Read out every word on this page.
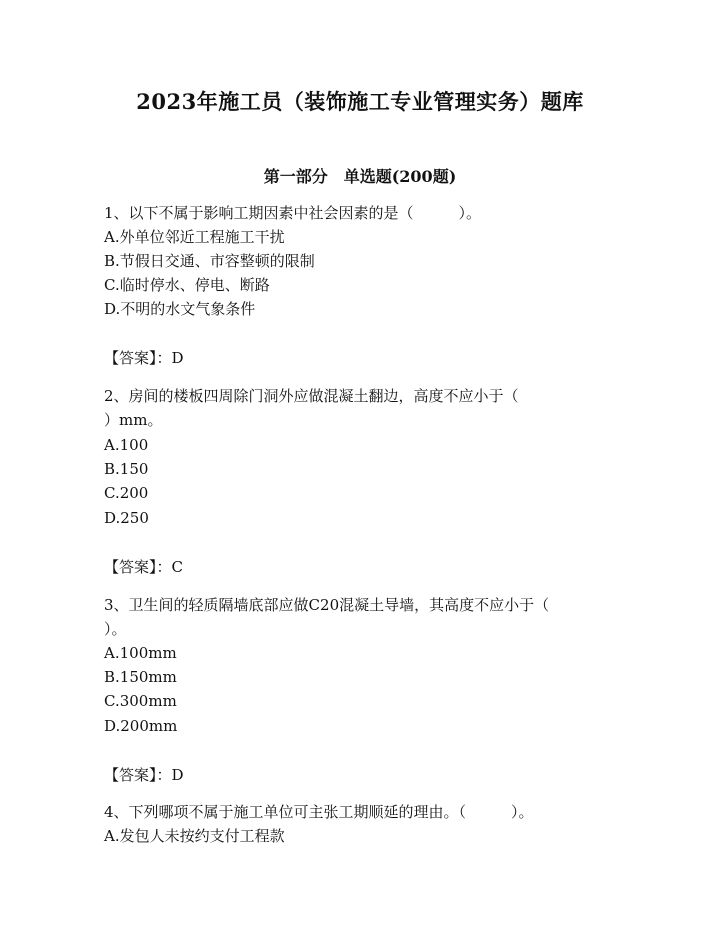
2023年施工员（装饰施工专业管理实务）题库
第一部分　单选题(200题)
1、以下不属于影响工期因素中社会因素的是（　　　）。
A.外单位邻近工程施工干扰
B.节假日交通、市容整顿的限制
C.临时停水、停电、断路
D.不明的水文气象条件
【答案】：D
2、房间的楼板四周除门洞外应做混凝土翻边，高度不应小于（
）mm。
A.100
B.150
C.200
D.250
【答案】：C
3、卫生间的轻质隔墙底部应做C20混凝土导墙，其高度不应小于（
）。
A.100mm
B.150mm
C.300mm
D.200mm
【答案】：D
4、下列哪项不属于施工单位可主张工期顺延的理由。（　　　）。
A.发包人未按约支付工程款
